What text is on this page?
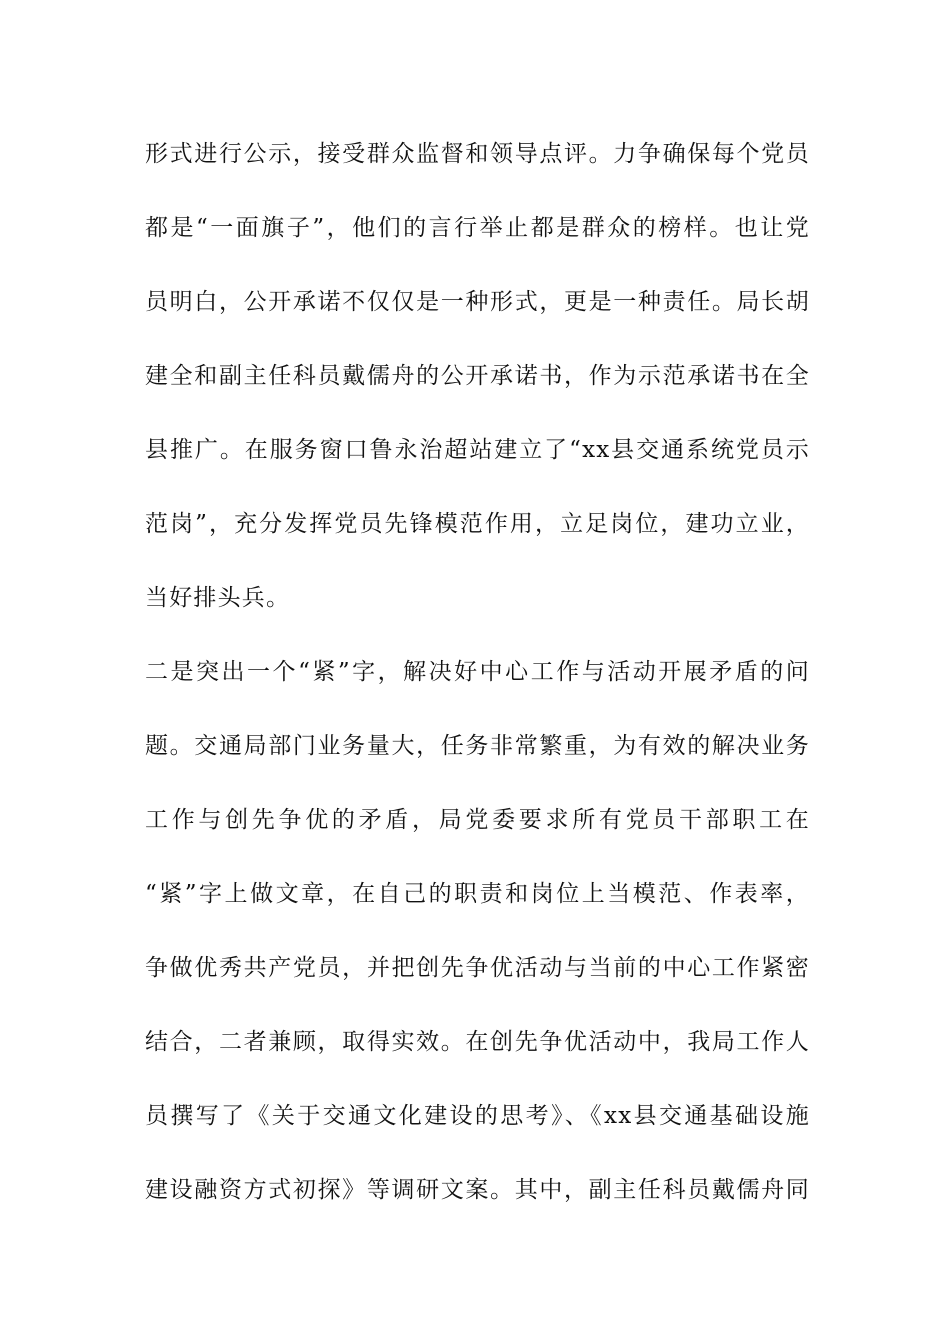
形式进行公示，接受群众监督和领导点评。力争确保每个党员
都是“一面旗子”，他们的言行举止都是群众的榜样。也让党
员明白，公开承诺不仅仅是一种形式，更是一种责任。局长胡
建全和副主任科员戴儒舟的公开承诺书，作为示范承诺书在全
县推广。在服务窗口鲁永治超站建立了“xx县交通系统党员示
范岗”，充分发挥党员先锋模范作用，立足岗位，建功立业，
当好排头兵。
二是突出一个“紧”字，解决好中心工作与活动开展矛盾的问
题。交通局部门业务量大，任务非常繁重，为有效的解决业务
工作与创先争优的矛盾，局党委要求所有党员干部职工在
“紧”字上做文章，在自己的职责和岗位上当模范、作表率，
争做优秀共产党员，并把创先争优活动与当前的中心工作紧密
结合，二者兼顾，取得实效。在创先争优活动中，我局工作人
员撰写了《关于交通文化建设的思考》、《xx县交通基础设施
建设融资方式初探》等调研文案。其中，副主任科员戴儒舟同
